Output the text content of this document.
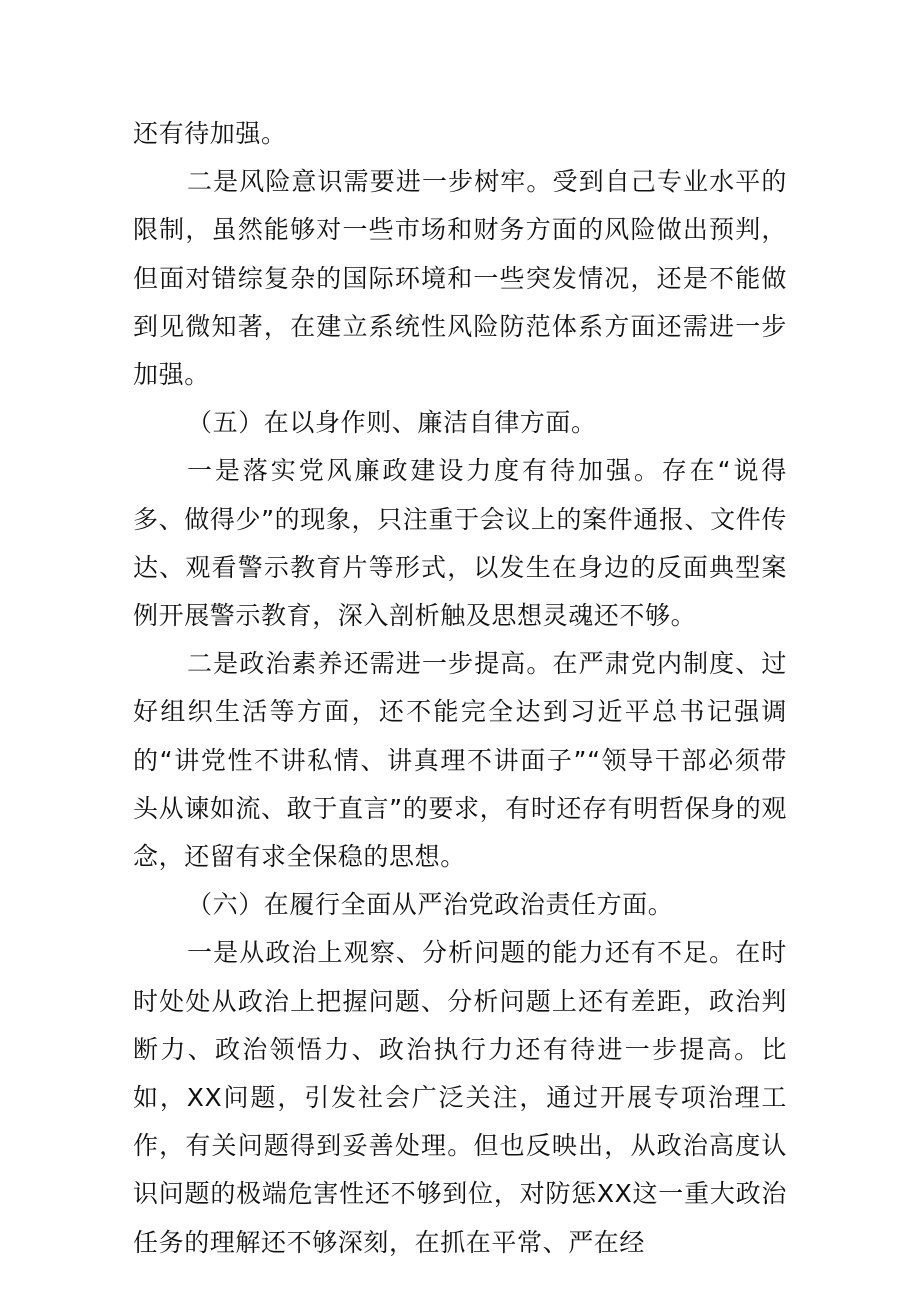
还有待加强。

二是风险意识需要进一步树牢。受到自己专业水平的限制，虽然能够对一些市场和财务方面的风险做出预判，但面对错综复杂的国际环境和一些突发情况，还是不能做到见微知著，在建立系统性风险防范体系方面还需进一步加强。

（五）在以身作则、廉洁自律方面。

一是落实党风廉政建设力度有待加强。存在“说得多、做得少”的现象，只注重于会议上的案件通报、文件传达、观看警示教育片等形式，以发生在身边的反面典型案例开展警示教育，深入剖析触及思想灵魂还不够。

二是政治素养还需进一步提高。在严肃党内制度、过好组织生活等方面，还不能完全达到习近平总书记强调的“讲党性不讲私情、讲真理不讲面子”“领导干部必须带头从谏如流、敢于直言”的要求，有时还存有明哲保身的观念，还留有求全保稳的思想。

（六）在履行全面从严治党政治责任方面。

一是从政治上观察、分析问题的能力还有不足。在时时处处从政治上把握问题、分析问题上还有差距，政治判断力、政治领悟力、政治执行力还有待进一步提高。比如，XX问题，引发社会广泛关注，通过开展专项治理工作，有关问题得到妥善处理。但也反映出，从政治高度认识问题的极端危害性还不够到位，对防惩XX这一重大政治任务的理解还不够深刻，在抓在平常、严在经
